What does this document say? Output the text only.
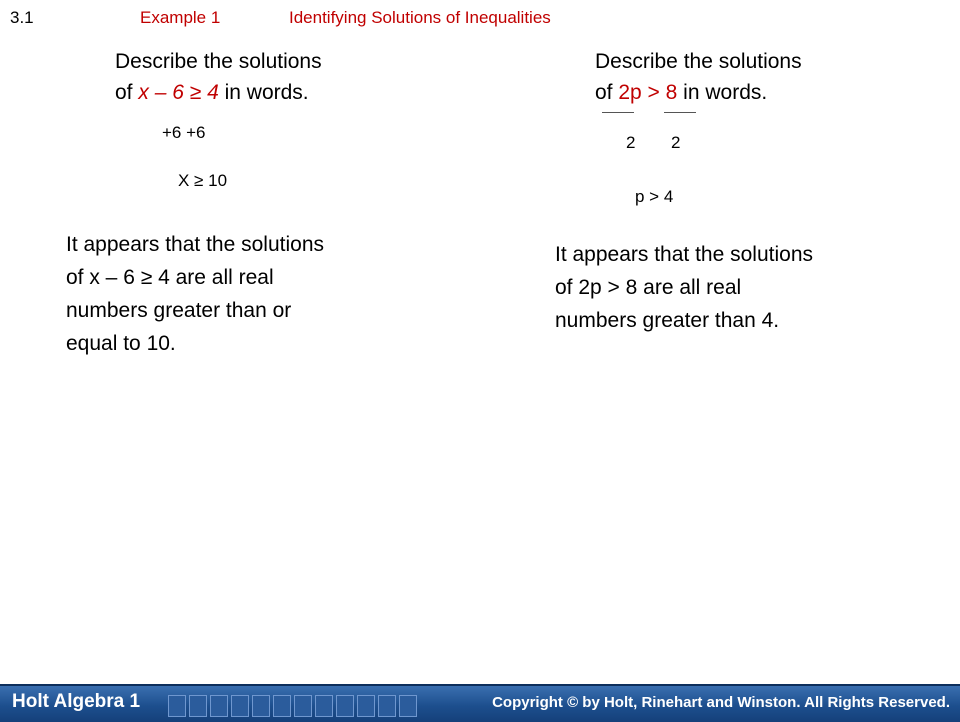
3.1	Example 1	Identifying Solutions of Inequalities
Describe the solutions
of x – 6 ≥ 4 in words.
+6 +6
X ≥ 10
It appears that the solutions
of x – 6 ≥ 4 are all real
numbers greater than or
equal to 10.
Describe the solutions
of 2p > 8 in words.
2 2
p > 4
It appears that the solutions
of 2p > 8 are all real
numbers greater than 4.
Holt Algebra 1	Copyright © by Holt, Rinehart and Winston. All Rights Reserved.
